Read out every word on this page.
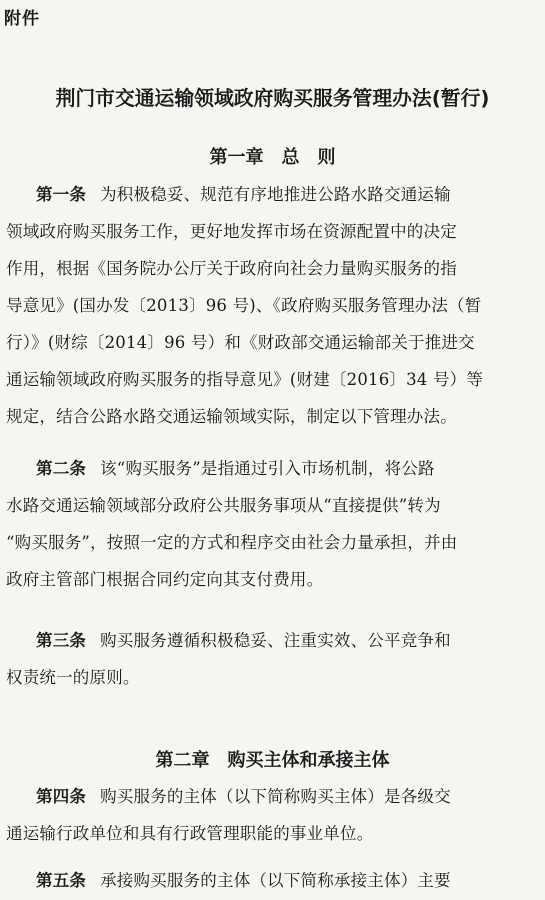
附件
荆门市交通运输领域政府购买服务管理办法(暂行)
第一章 总　则
第一条 为积极稳妥、规范有序地推进公路水路交通运输
领域政府购买服务工作，更好地发挥市场在资源配置中的决定
作用，根据《国务院办公厅关于政府向社会力量购买服务的指
导意见》(国办发〔2013〕96 号)、《政府购买服务管理办法（暂
行）》(财综〔2014〕96 号）和《财政部交通运输部关于推进交
通运输领域政府购买服务的指导意见》(财建〔2016〕34 号）等
规定，结合公路水路交通运输领域实际，制定以下管理办法。
第二条 该“购买服务”是指通过引入市场机制，将公路
水路交通运输领域部分政府公共服务事项从“直接提供”转为
“购买服务”，按照一定的方式和程序交由社会力量承担，并由
政府主管部门根据合同约定向其支付费用。
第三条 购买服务遵循积极稳妥、注重实效、公平竞争和
权责统一的原则。
第二章 购买主体和承接主体
第四条 购买服务的主体（以下简称购买主体）是各级交
通运输行政单位和具有行政管理职能的事业单位。
第五条 承接购买服务的主体（以下简称承接主体）主要
